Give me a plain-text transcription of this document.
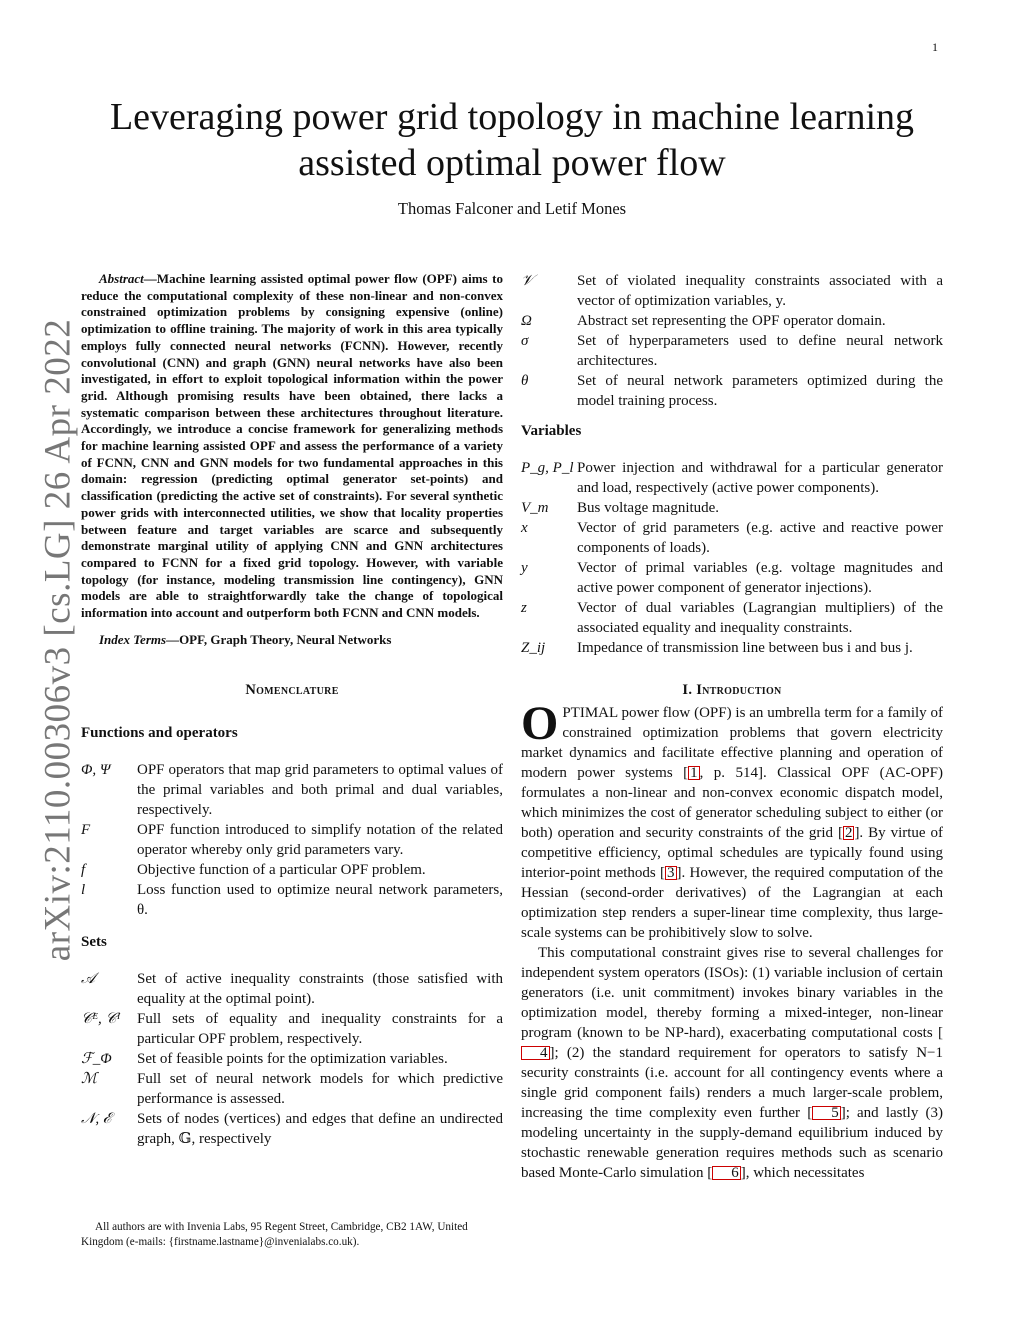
1
arXiv:2110.00306v3 [cs.LG] 26 Apr 2022
Leveraging power grid topology in machine learning assisted optimal power flow
Thomas Falconer and Letif Mones

Abstract—Machine learning assisted optimal power flow (OPF) aims to reduce the computational complexity of these non-linear and non-convex constrained optimization problems by consigning expensive (online) optimization to offline training. The majority of work in this area typically employs fully connected neural networks (FCNN). However, recently convolutional (CNN) and graph (GNN) neural networks have also been investigated, in effort to exploit topological information within the power grid. Although promising results have been obtained, there lacks a systematic comparison between these architectures throughout literature. Accordingly, we introduce a concise framework for generalizing methods for machine learning assisted OPF and assess the performance of a variety of FCNN, CNN and GNN models for two fundamental approaches in this domain: regression (predicting optimal generator set-points) and classification (predicting the active set of constraints). For several synthetic power grids with interconnected utilities, we show that locality properties between feature and target variables are scarce and subsequently demonstrate marginal utility of applying CNN and GNN architectures compared to FCNN for a fixed grid topology. However, with variable topology (for instance, modeling transmission line contingency), GNN models are able to straightforwardly take the change of topological information into account and outperform both FCNN and CNN models.

Index Terms—OPF, Graph Theory, Neural Networks

Nomenclature
Functions and operators
Φ, Ψ	OPF operators that map grid parameters to optimal values of the primal variables and both primal and dual variables, respectively.
F	OPF function introduced to simplify notation of the related operator whereby only grid parameters vary.
f	Objective function of a particular OPF problem.
l	Loss function used to optimize neural network parameters, θ.
Sets
𝒜	Set of active inequality constraints (those satisfied with equality at the optimal point).
𝒞ᴱ, 𝒞ᴵ	Full sets of equality and inequality constraints for a particular OPF problem, respectively.
ℱ_Φ	Set of feasible points for the optimization variables.
ℳ	Full set of neural network models for which predictive performance is assessed.
𝒩, ℰ	Sets of nodes (vertices) and edges that define an undirected graph, 𝔾, respectively
𝒱	Set of violated inequality constraints associated with a vector of optimization variables, y.
Ω	Abstract set representing the OPF operator domain.
σ	Set of hyperparameters used to define neural network architectures.
θ	Set of neural network parameters optimized during the model training process.
Variables
P_g, P_l Power injection and withdrawal for a particular generator and load, respectively (active power components).
V_m	Bus voltage magnitude.
x	Vector of grid parameters (e.g. active and reactive power components of loads).
y	Vector of primal variables (e.g. voltage magnitudes and active power component of generator injections).
z	Vector of dual variables (Lagrangian multipliers) of the associated equality and inequality constraints.
Z_ij	Impedance of transmission line between bus i and bus j.
I. Introduction

OPTIMAL power flow (OPF) is an umbrella term for a family of constrained optimization problems that govern electricity market dynamics and facilitate effective planning and operation of modern power systems [ 1 , p. 514]. Classical OPF (AC-OPF) formulates a non-linear and non-convex economic dispatch model, which minimizes the cost of generator scheduling subject to either (or both) operation and security constraints of the grid [ 2 ]. By virtue of competitive efficiency, optimal schedules are typically found using interior-point methods [ 3 ]. However, the required computation of the Hessian (second-order derivatives) of the Lagrangian at each optimization step renders a super-linear time complexity, thus large-scale systems can be prohibitively slow to solve.

This computational constraint gives rise to several challenges for independent system operators (ISOs): (1) variable inclusion of certain generators (i.e. unit commitment) invokes binary variables in the optimization model, thereby forming a mixed-integer, non-linear program (known to be NP-hard), exacerbating computational costs [4 ]; (2) the standard requirement for operators to satisfy N−1 security constraints (i.e. account for all contingency events where a single grid component fails) renders a much larger-scale problem, increasing the time complexity even further [ 5 ]; and lastly (3) modeling uncertainty in the supply-demand equilibrium induced by stochastic renewable generation requires methods such as scenario based Monte-Carlo simulation [ 6 ], which necessitates

All authors are with Invenia Labs, 95 Regent Street, Cambridge, CB2 1AW, United Kingdom (e-mails: {firstname.lastname}@invenialabs.co.uk).
